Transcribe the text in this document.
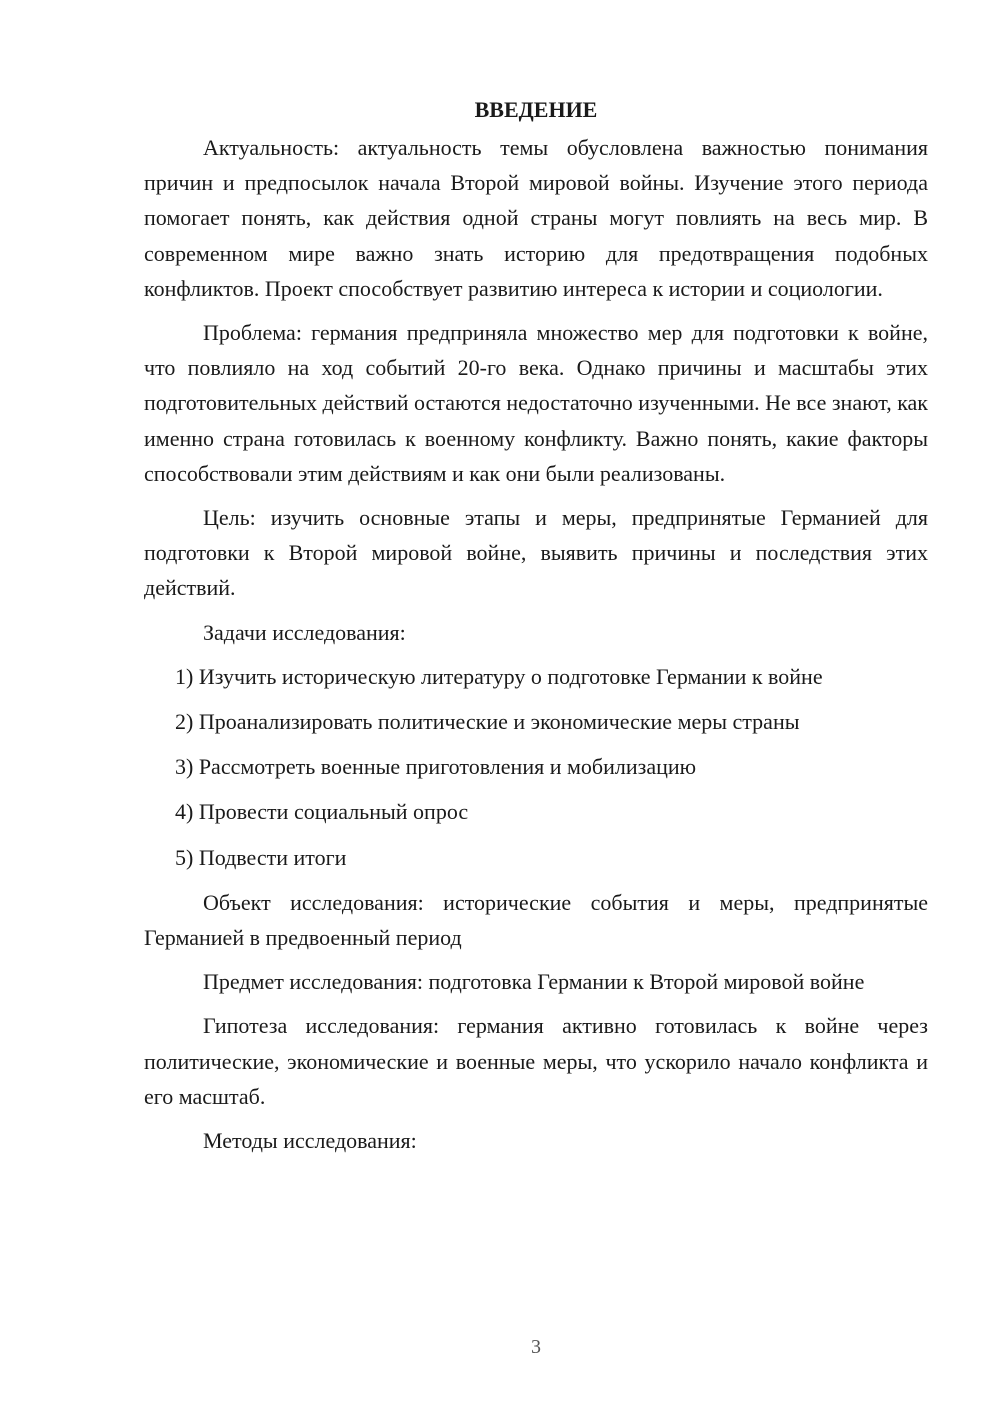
ВВЕДЕНИЕ

Актуальность: актуальность темы обусловлена важностью понимания причин и предпосылок начала Второй мировой войны. Изучение этого периода помогает понять, как действия одной страны могут повлиять на весь мир. В современном мире важно знать историю для предотвращения подобных конфликтов. Проект способствует развитию интереса к истории и социологии.

Проблема: германия предприняла множество мер для подготовки к войне, что повлияло на ход событий 20-го века. Однако причины и масштабы этих подготовительных действий остаются недостаточно изученными. Не все знают, как именно страна готовилась к военному конфликту. Важно понять, какие факторы способствовали этим действиям и как они были реализованы.

Цель: изучить основные этапы и меры, предпринятые Германией для подготовки к Второй мировой войне, выявить причины и последствия этих действий.

Задачи исследования:

1) Изучить историческую литературу о подготовке Германии к войне

2) Проанализировать политические и экономические меры страны

3) Рассмотреть военные приготовления и мобилизацию

4) Провести социальный опрос

5) Подвести итоги

Объект исследования: исторические события и меры, предпринятые Германией в предвоенный период

Предмет исследования: подготовка Германии к Второй мировой войне

Гипотеза исследования: германия активно готовилась к войне через политические, экономические и военные меры, что ускорило начало конфликта и его масштаб.

Методы исследования:

3
